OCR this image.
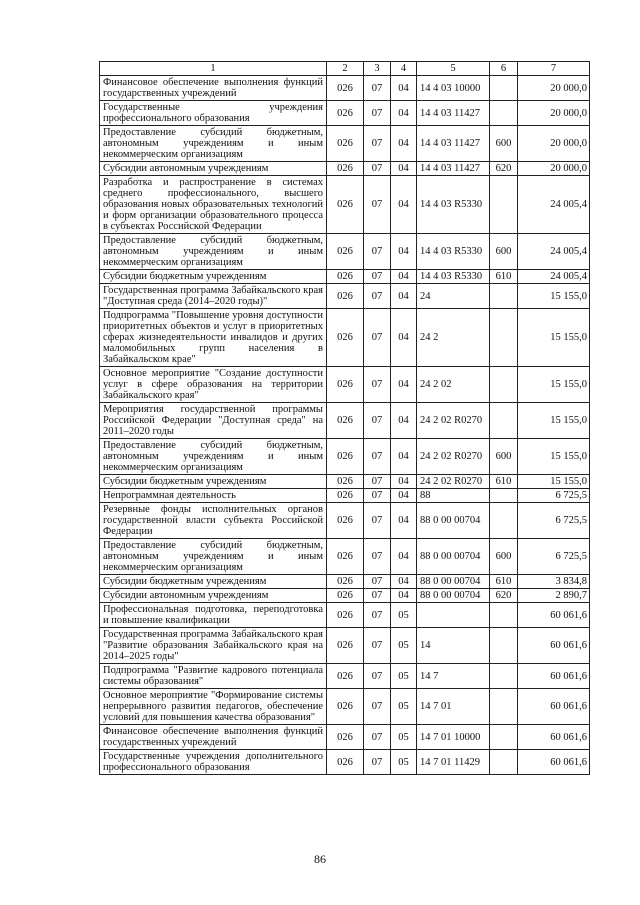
1	2	3	4	5	6	7
Финансовое обеспечение выполнения функций государственных учреждений	026	07	04	14 4 03 10000		20 000,0
Государственные учреждения профессионального образования	026	07	04	14 4 03 11427		20 000,0
Предоставление субсидий бюджетным, автономным учреждениям и иным некоммерческим организациям	026	07	04	14 4 03 11427	600	20 000,0
Субсидии автономным учреждениям	026	07	04	14 4 03 11427	620	20 000,0
Разработка и распространение в системах среднего профессионального, высшего образования новых образовательных технологий и форм организации образовательного процесса в субъектах Российской Федерации	026	07	04	14 4 03 R5330		24 005,4
Предоставление субсидий бюджетным, автономным учреждениям и иным некоммерческим организациям	026	07	04	14 4 03 R5330	600	24 005,4
Субсидии бюджетным учреждениям	026	07	04	14 4 03 R5330	610	24 005,4
Государственная программа Забайкальского края "Доступная среда (2014–2020 годы)"	026	07	04	24		15 155,0
Подпрограмма "Повышение уровня доступности приоритетных объектов и услуг в приоритетных сферах жизнедеятельности инвалидов и других маломобильных групп населения в Забайкальском крае"	026	07	04	24 2		15 155,0
Основное мероприятие "Создание доступности услуг в сфере образования на территории Забайкальского края"	026	07	04	24 2 02		15 155,0
Мероприятия государственной программы Российской Федерации "Доступная среда" на 2011–2020 годы	026	07	04	24 2 02 R0270		15 155,0
Предоставление субсидий бюджетным, автономным учреждениям и иным некоммерческим организациям	026	07	04	24 2 02 R0270	600	15 155,0
Субсидии бюджетным учреждениям	026	07	04	24 2 02 R0270	610	15 155,0
Непрограммная деятельность	026	07	04	88		6 725,5
Резервные фонды исполнительных органов государственной власти субъекта Российской Федерации	026	07	04	88 0 00 00704		6 725,5
Предоставление субсидий бюджетным, автономным учреждениям и иным некоммерческим организациям	026	07	04	88 0 00 00704	600	6 725,5
Субсидии бюджетным учреждениям	026	07	04	88 0 00 00704	610	3 834,8
Субсидии автономным учреждениям	026	07	04	88 0 00 00704	620	2 890,7
Профессиональная подготовка, переподготовка и повышение квалификации	026	07	05			60 061,6
Государственная программа Забайкальского края "Развитие образования Забайкальского края на 2014–2025 годы"	026	07	05	14		60 061,6
Подпрограмма "Развитие кадрового потенциала системы образования"	026	07	05	14 7		60 061,6
Основное мероприятие "Формирование системы непрерывного развития педагогов, обеспечение условий для повышения качества образования"	026	07	05	14 7 01		60 061,6
Финансовое обеспечение выполнения функций государственных учреждений	026	07	05	14 7 01 10000		60 061,6
Государственные учреждения дополнительного профессионального образования	026	07	05	14 7 01 11429		60 061,6
86
